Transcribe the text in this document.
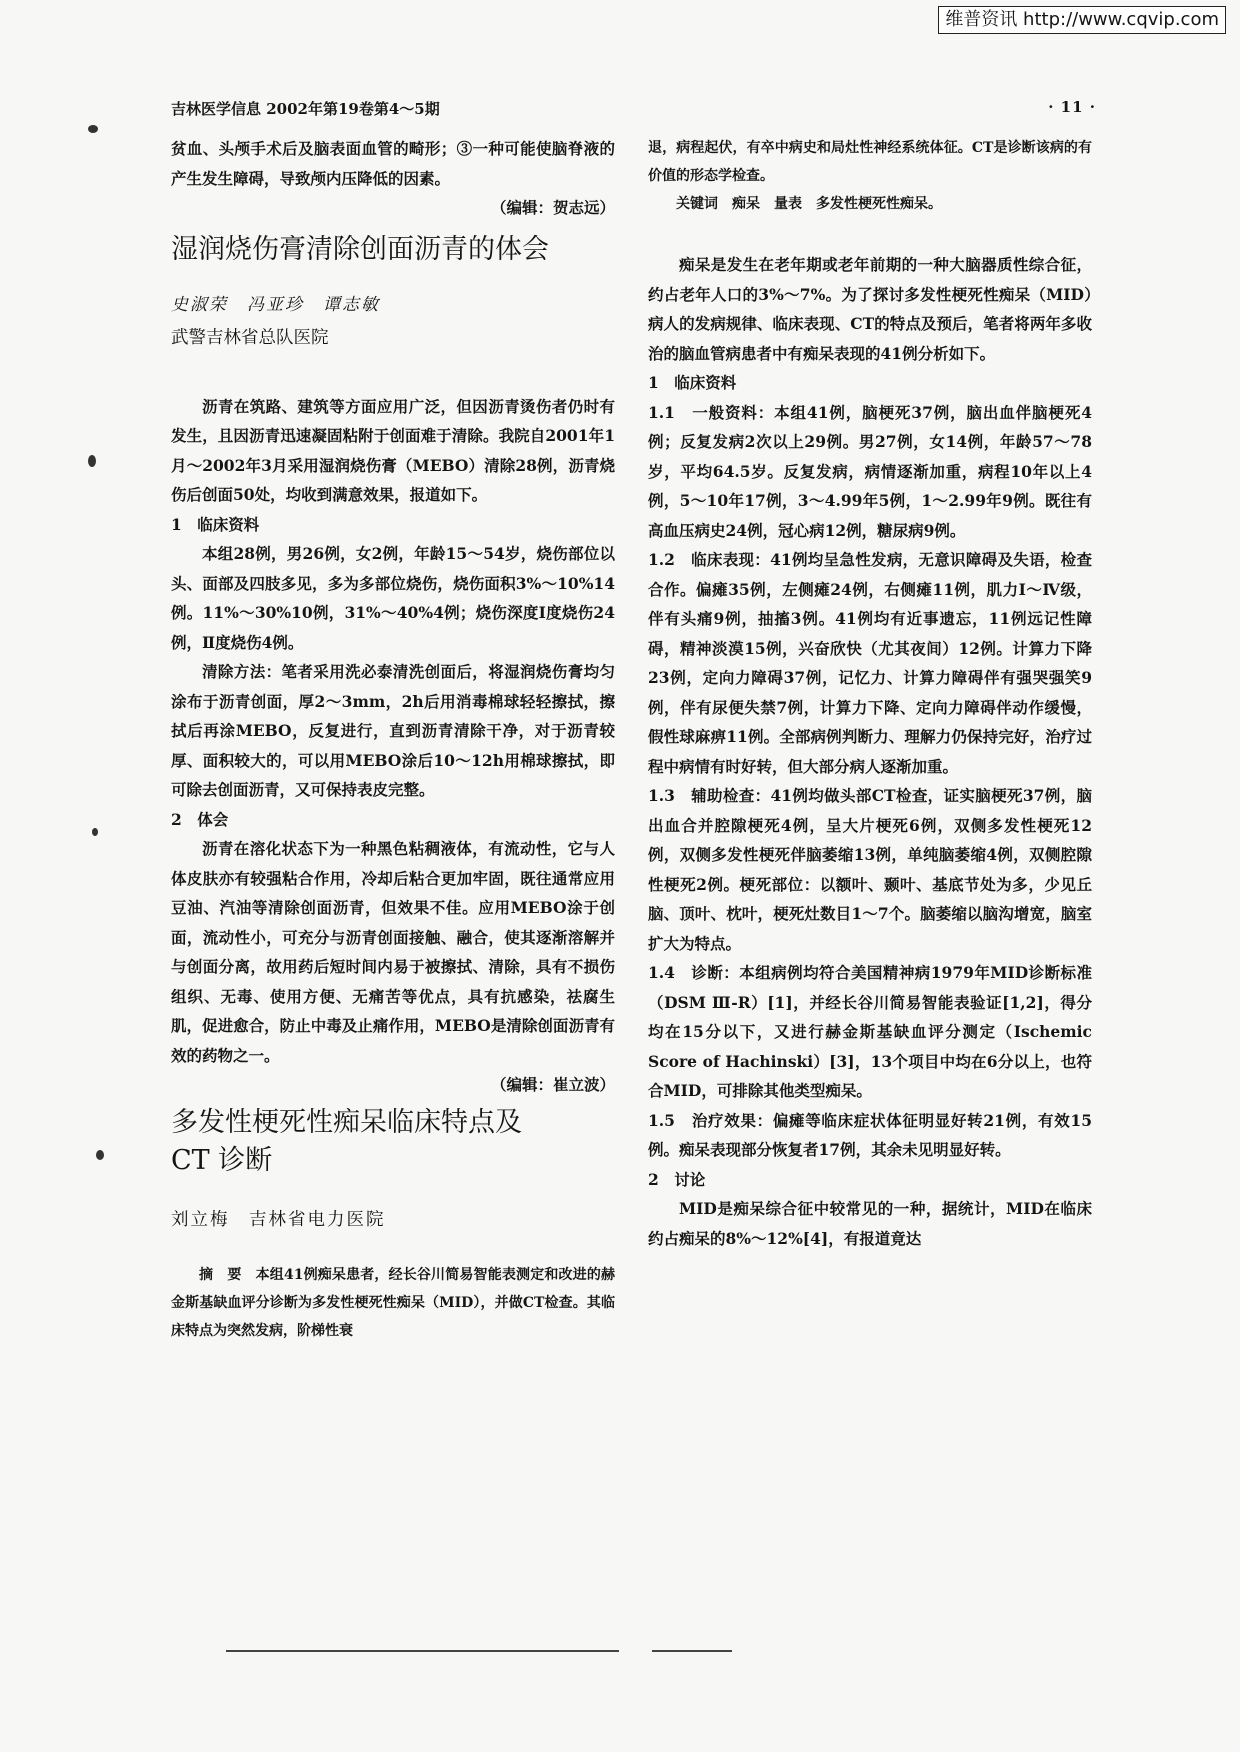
维普资讯 http://www.cqvip.com
吉林医学信息 2002年第19卷第4～5期	· 11 ·

贫血、头颅手术后及脑表面血管的畸形；③一种可能使脑脊液的产生发生障碍，导致颅内压降低的因素。

（编辑：贺志远）

湿润烧伤膏清除创面沥青的体会

史淑荣　冯亚珍　谭志敏

武警吉林省总队医院

沥青在筑路、建筑等方面应用广泛，但因沥青烫伤者仍时有发生，且因沥青迅速凝固粘附于创面难于清除。我院自2001年1月～2002年3月采用湿润烧伤膏（MEBO）清除28例，沥青烧伤后创面50处，均收到满意效果，报道如下。

1　临床资料

本组28例，男26例，女2例，年龄15～54岁，烧伤部位以头、面部及四肢多见，多为多部位烧伤，烧伤面积3%～10%14例。11%～30%10例，31%～40%4例；烧伤深度Ⅰ度烧伤24例，Ⅱ度烧伤4例。

清除方法：笔者采用洗必泰清洗创面后，将湿润烧伤膏均匀涂布于沥青创面，厚2～3mm，2h后用消毒棉球轻轻擦拭，擦拭后再涂MEBO，反复进行，直到沥青清除干净，对于沥青较厚、面积较大的，可以用MEBO涂后10～12h用棉球擦拭，即可除去创面沥青，又可保持表皮完整。

2　体会

沥青在溶化状态下为一种黑色粘稠液体，有流动性，它与人体皮肤亦有较强粘合作用，冷却后粘合更加牢固，既往通常应用豆油、汽油等清除创面沥青，但效果不佳。应用MEBO涂于创面，流动性小，可充分与沥青创面接触、融合，使其逐渐溶解并与创面分离，故用药后短时间内易于被擦拭、清除，具有不损伤组织、无毒、使用方便、无痛苦等优点，具有抗感染，祛腐生肌，促进愈合，防止中毒及止痛作用，MEBO是清除创面沥青有效的药物之一。

（编辑：崔立波）

多发性梗死性痴呆临床特点及

CT 诊断

刘立梅　吉林省电力医院

摘　要　本组41例痴呆患者，经长谷川简易智能表测定和改进的赫金斯基缺血评分诊断为多发性梗死性痴呆（MID），并做CT检查。其临床特点为突然发病，阶梯性衰

退，病程起伏，有卒中病史和局灶性神经系统体征。CT是诊断该病的有价值的形态学检查。

关键词　痴呆　量表　多发性梗死性痴呆。

痴呆是发生在老年期或老年前期的一种大脑器质性综合征，约占老年人口的3%～7%。为了探讨多发性梗死性痴呆（MID）病人的发病规律、临床表现、CT的特点及预后，笔者将两年多收治的脑血管病患者中有痴呆表现的41例分析如下。

1　临床资料

1.1　一般资料：本组41例，脑梗死37例，脑出血伴脑梗死4例；反复发病2次以上29例。男27例，女14例，年龄57～78岁，平均64.5岁。反复发病，病情逐渐加重，病程10年以上4例，5～10年17例，3～4.99年5例，1～2.99年9例。既往有高血压病史24例，冠心病12例，糖尿病9例。

1.2　临床表现：41例均呈急性发病，无意识障碍及失语，检查合作。偏瘫35例，左侧瘫24例，右侧瘫11例，肌力Ⅰ～Ⅳ级，伴有头痛9例，抽搐3例。41例均有近事遗忘，11例远记性障碍，精神淡漠15例，兴奋欣快（尤其夜间）12例。计算力下降23例，定向力障碍37例，记忆力、计算力障碍伴有强哭强笑9例，伴有尿便失禁7例，计算力下降、定向力障碍伴动作缓慢，假性球麻痹11例。全部病例判断力、理解力仍保持完好，治疗过程中病情有时好转，但大部分病人逐渐加重。

1.3　辅助检查：41例均做头部CT检查，证实脑梗死37例，脑出血合并腔隙梗死4例，呈大片梗死6例，双侧多发性梗死12例，双侧多发性梗死伴脑萎缩13例，单纯脑萎缩4例，双侧腔隙性梗死2例。梗死部位：以额叶、颞叶、基底节处为多，少见丘脑、顶叶、枕叶，梗死灶数目1～7个。脑萎缩以脑沟增宽，脑室扩大为特点。

1.4　诊断：本组病例均符合美国精神病1979年MID诊断标准（DSM Ⅲ-R）[1]，并经长谷川简易智能表验证[1,2]，得分均在15分以下，又进行赫金斯基缺血评分测定（Ischemic Score of Hachinski）[3]，13个项目中均在6分以上，也符合MID，可排除其他类型痴呆。

1.5　治疗效果：偏瘫等临床症状体征明显好转21例，有效15例。痴呆表现部分恢复者17例，其余未见明显好转。

2　讨论

MID是痴呆综合征中较常见的一种，据统计，MID在临床约占痴呆的8%～12%[4]，有报道竟达
